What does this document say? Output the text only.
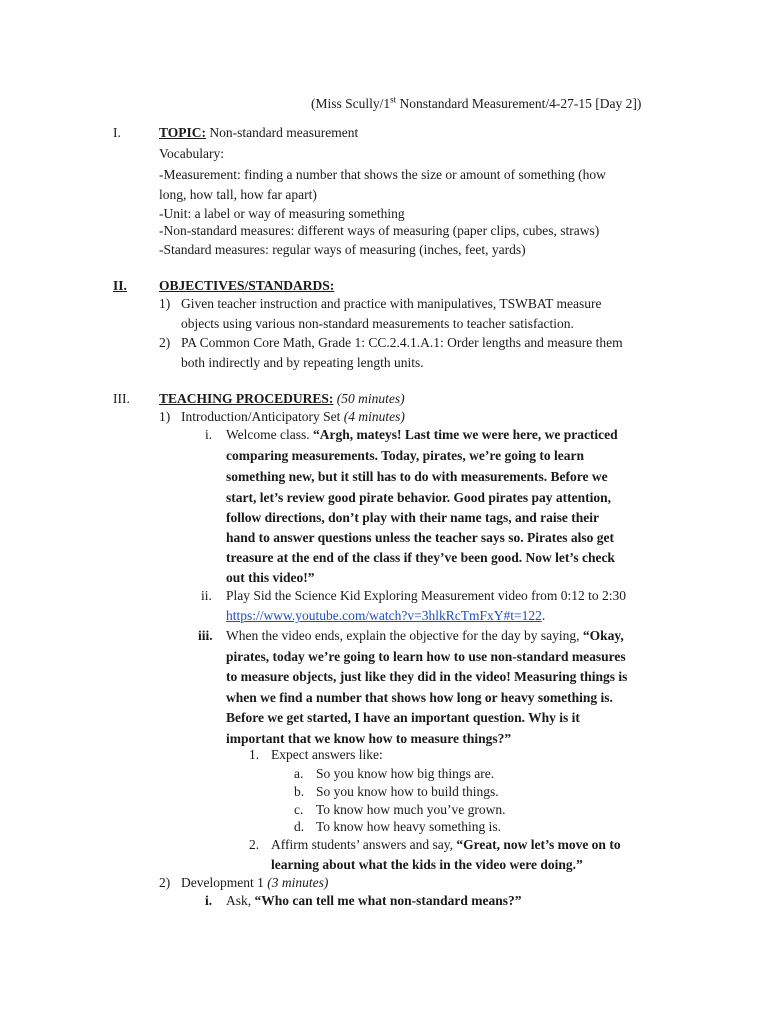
(Miss Scully/1st Nonstandard Measurement/4-27-15 [Day 2])
I.	TOPIC: Non-standard measurement
Vocabulary:
-Measurement: finding a number that shows the size or amount of something (how
long, how tall, how far apart)
-Unit: a label or way of measuring something
-Non-standard measures: different ways of measuring (paper clips, cubes, straws)
-Standard measures: regular ways of measuring (inches, feet, yards)
II. OBJECTIVES/STANDARDS:
1) Given teacher instruction and practice with manipulatives, TSWBAT measure
objects using various non-standard measurements to teacher satisfaction.
2) PA Common Core Math, Grade 1: CC.2.4.1.A.1: Order lengths and measure them
both indirectly and by repeating length units.
III. TEACHING PROCEDURES: (50 minutes)
1) Introduction/Anticipatory Set (4 minutes)
i. Welcome class. “Argh, mateys! Last time we were here, we practiced
comparing measurements. Today, pirates, we’re going to learn
something new, but it still has to do with measurements. Before we
start, let’s review good pirate behavior. Good pirates pay attention,
follow directions, don’t play with their name tags, and raise their
hand to answer questions unless the teacher says so. Pirates also get
treasure at the end of the class if they’ve been good. Now let’s check
out this video!”
ii. Play Sid the Science Kid Exploring Measurement video from 0:12 to 2:30
https://www.youtube.com/watch?v=3hlkRcTmFxY#t=122.
iii. When the video ends, explain the objective for the day by saying, “Okay,
pirates, today we’re going to learn how to use non-standard measures
to measure objects, just like they did in the video! Measuring things is
when we find a number that shows how long or heavy something is.
Before we get started, I have an important question. Why is it
important that we know how to measure things?”
1. Expect answers like:
a. So you know how big things are.
b. So you know how to build things.
c. To know how much you’ve grown.
d. To know how heavy something is.
2. Affirm students’ answers and say, “Great, now let’s move on to
learning about what the kids in the video were doing.”
2) Development 1 (3 minutes)
i. Ask, “Who can tell me what non-standard means?”
